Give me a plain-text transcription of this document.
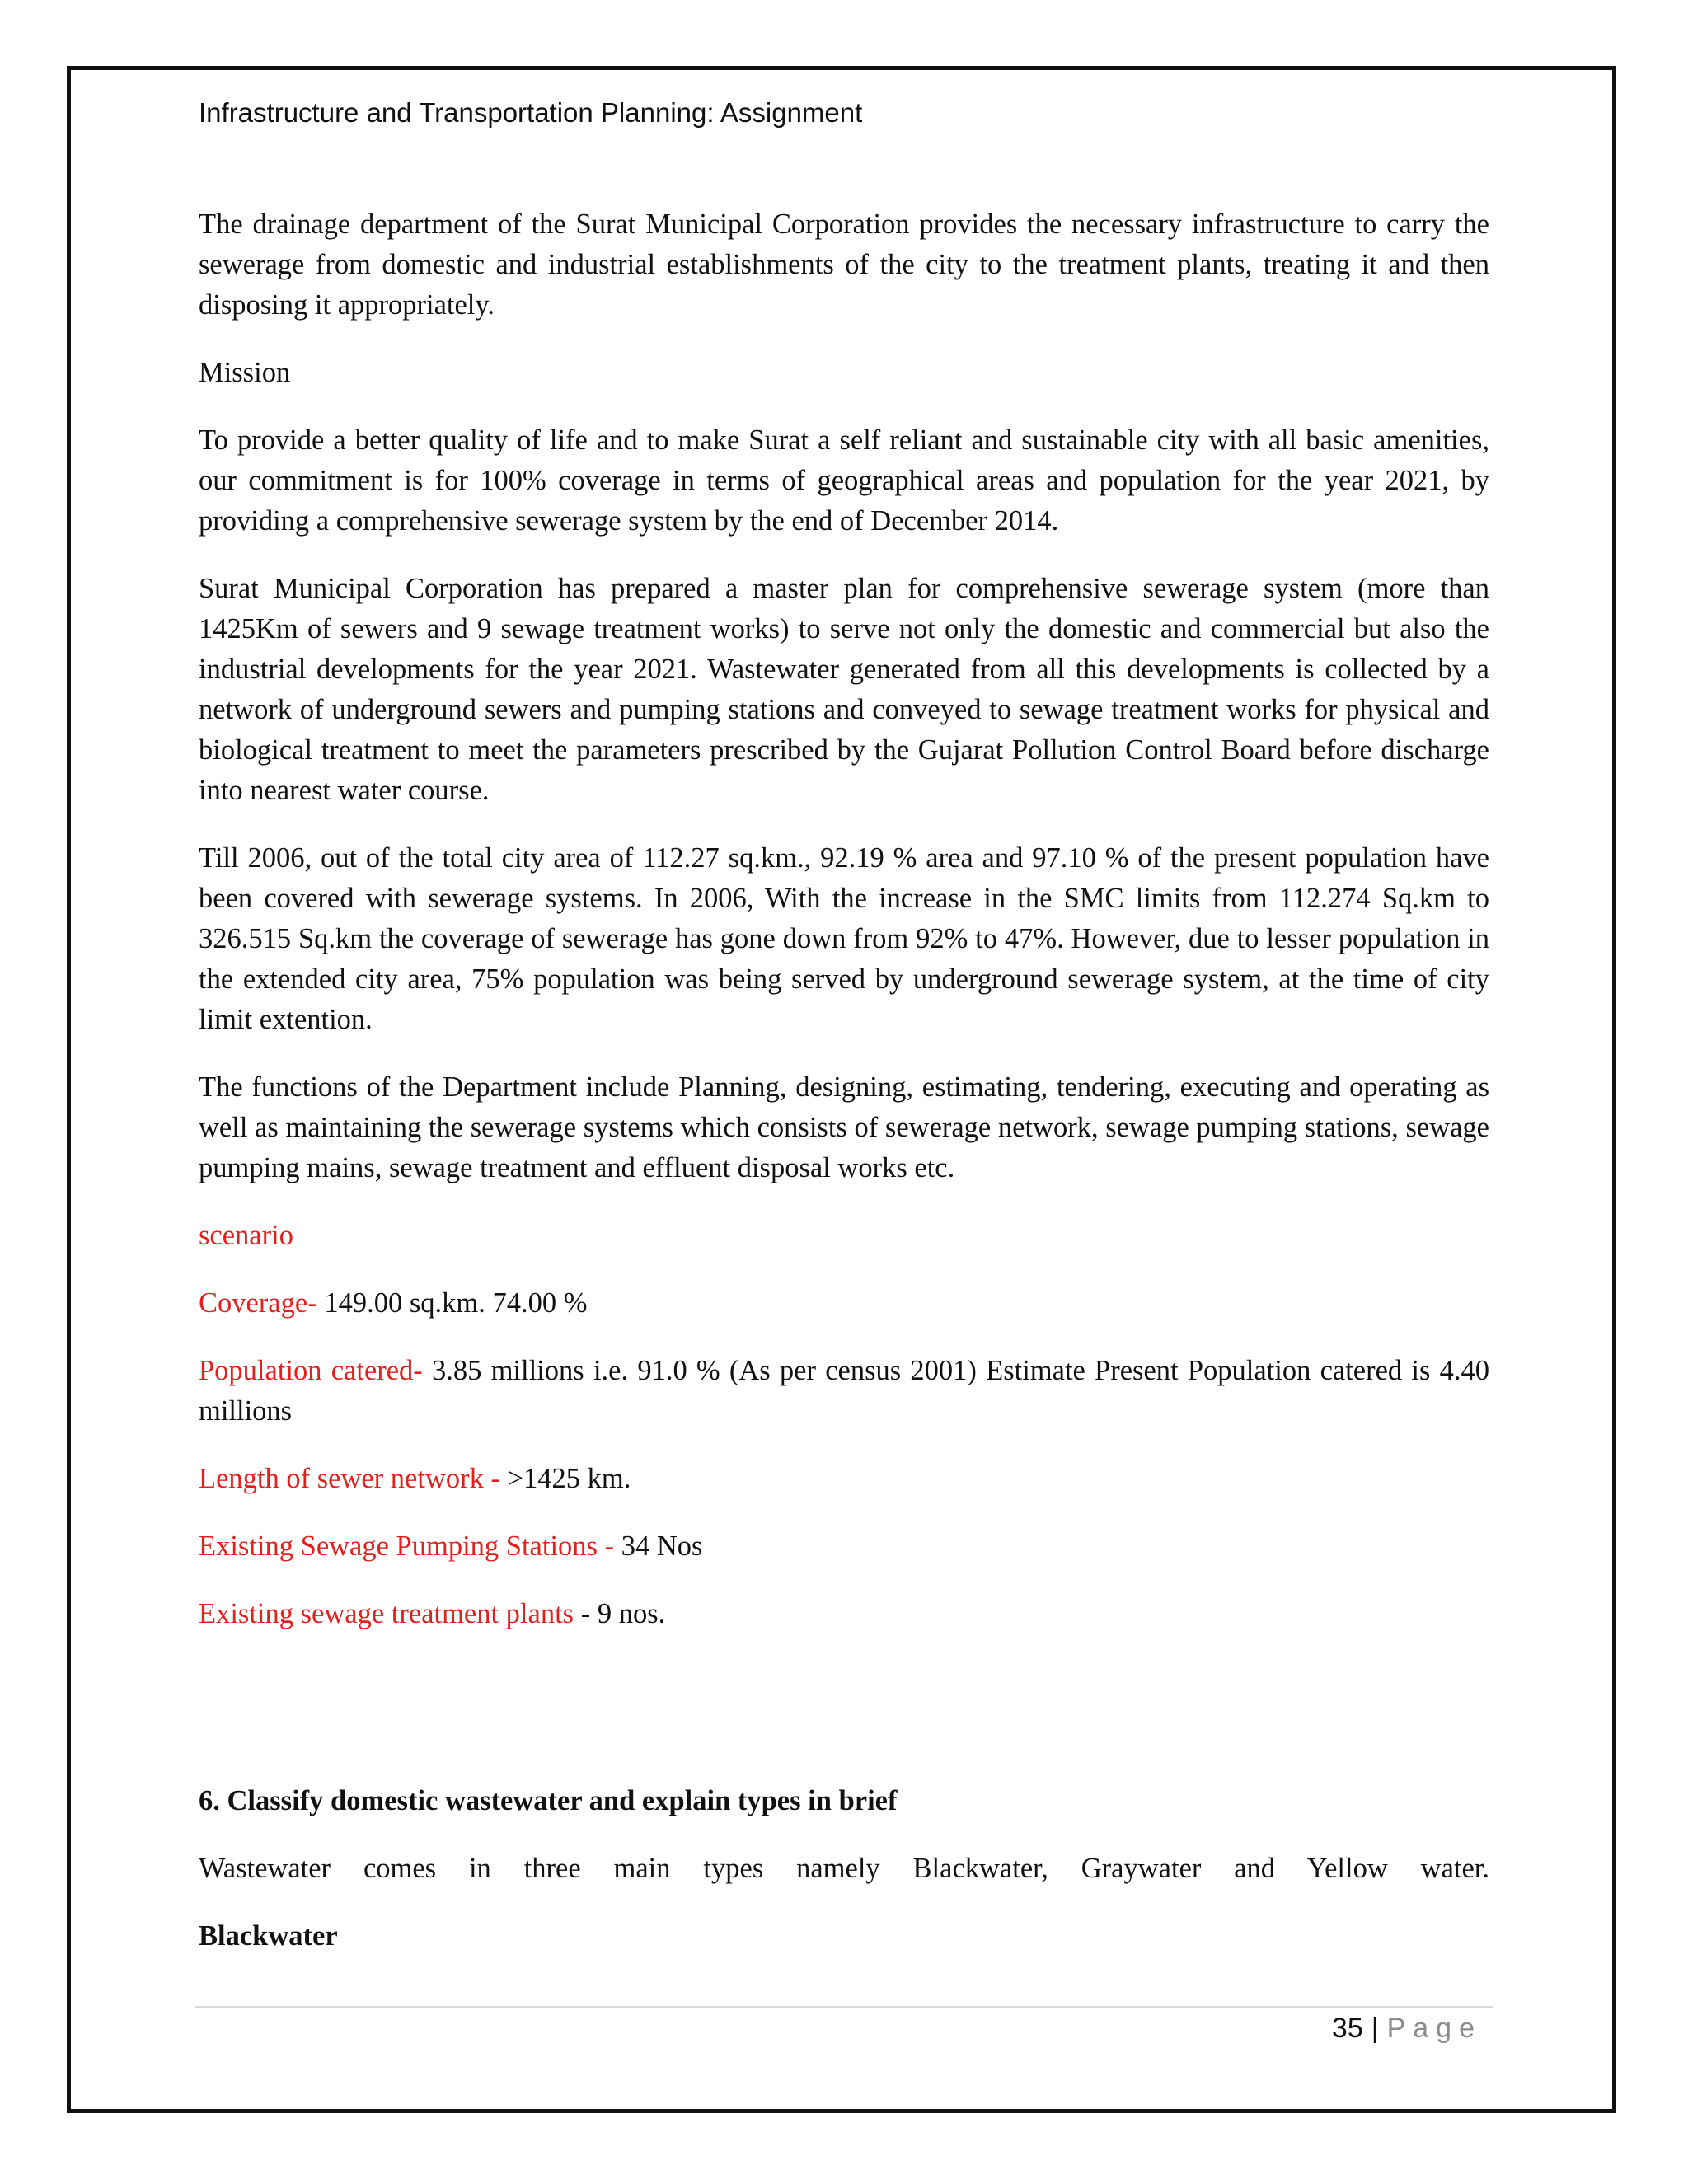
Infrastructure and Transportation Planning: Assignment

The drainage department of the Surat Municipal Corporation provides the necessary infrastructure to carry the sewerage from domestic and industrial establishments of the city to the treatment plants, treating it and then disposing it appropriately.

Mission

To provide a better quality of life and to make Surat a self reliant and sustainable city with all basic amenities, our commitment is for 100% coverage in terms of geographical areas and population for the year 2021, by providing a comprehensive sewerage system by the end of December 2014.

Surat Municipal Corporation has prepared a master plan for comprehensive sewerage system (more than 1425Km of sewers and 9 sewage treatment works) to serve not only the domestic and commercial but also the industrial developments for the year 2021. Wastewater generated from all this developments is collected by a network of underground sewers and pumping stations and conveyed to sewage treatment works for physical and biological treatment to meet the parameters prescribed by the Gujarat Pollution Control Board before discharge into nearest water course.

Till 2006, out of the total city area of 112.27 sq.km., 92.19 % area and 97.10 % of the present population have been covered with sewerage systems. In 2006, With the increase in the SMC limits from 112.274 Sq.km to 326.515 Sq.km the coverage of sewerage has gone down from 92% to 47%. However, due to lesser population in the extended city area, 75% population was being served by underground sewerage system, at the time of city limit extention.

The functions of the Department include Planning, designing, estimating, tendering, executing and operating as well as maintaining the sewerage systems which consists of sewerage network, sewage pumping stations, sewage pumping mains, sewage treatment and effluent disposal works etc.

scenario

Coverage- 149.00 sq.km. 74.00 %

Population catered- 3.85 millions i.e. 91.0 % (As per census 2001) Estimate Present Population catered is 4.40 millions

Length of sewer network - >1425 km.

Existing Sewage Pumping Stations - 34 Nos

Existing sewage treatment plants - 9 nos.

6. Classify domestic wastewater and explain types in brief

Wastewater comes in three main types namely Blackwater, Graywater and Yellow water.

Blackwater

35 | Page
